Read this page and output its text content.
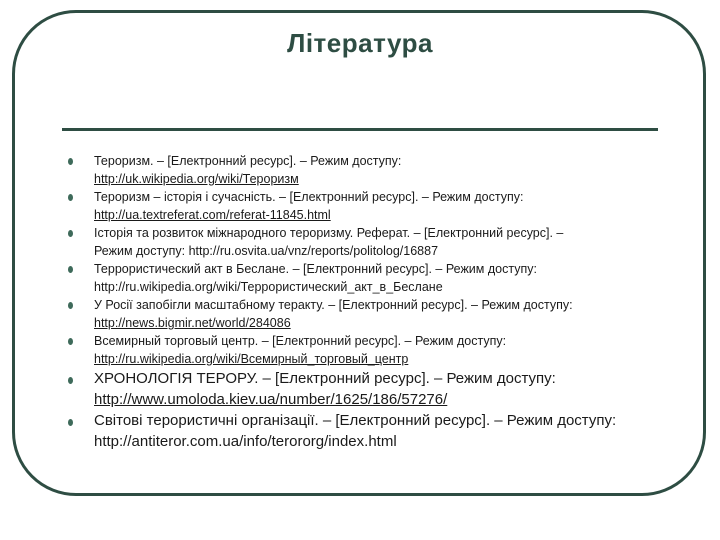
Література
Тероризм. – [Електронний ресурс]. – Режим доступу:
http://uk.wikipedia.org/wiki/Тероризм
Тероризм – історія і сучасність. – [Електронний ресурс]. – Режим доступу:
http://ua.textreferat.com/referat-11845.html
Історія та розвиток міжнародного тероризму. Реферат. – [Електронний ресурс]. –
Режим доступу: http://ru.osvita.ua/vnz/reports/politolog/16887
Террористический акт в Беслане. – [Електронний ресурс]. – Режим доступу:
http://ru.wikipedia.org/wiki/Террористический_акт_в_Беслане
У Росії запобігли масштабному теракту. – [Електронний ресурс]. – Режим доступу:
http://news.bigmir.net/world/284086
Всемирный торговый центр. – [Електронний ресурс]. – Режим доступу:
http://ru.wikipedia.org/wiki/Всемирный_торговый_центр
ХРОНОЛОГІЯ ТЕРОРУ. – [Електронний ресурс]. – Режим доступу:
http://www.umoloda.kiev.ua/number/1625/186/57276/
Світові терористичні організації. – [Електронний ресурс]. – Режим доступу:
http://antiteror.com.ua/info/terororg/index.html
